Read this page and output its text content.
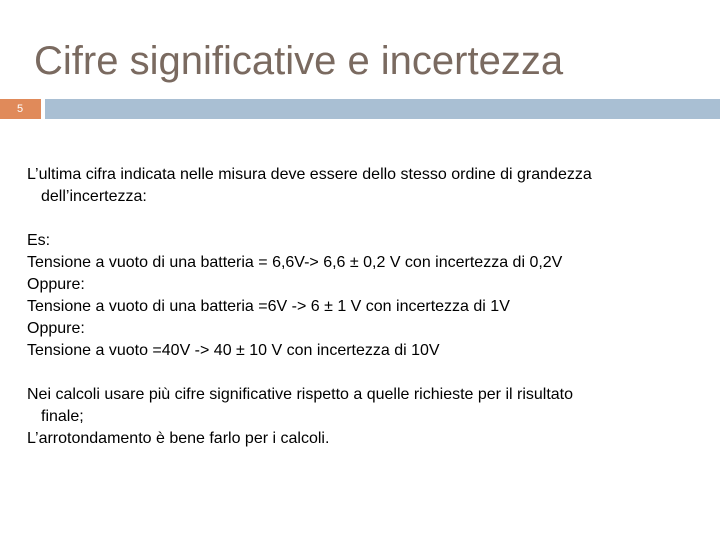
Cifre significative e incertezza
5

L’ultima cifra indicata nelle misura deve essere dello stesso ordine di grandezza
dell’incertezza:

Es:
Tensione a vuoto di una batteria = 6,6V-> 6,6 ± 0,2 V con incertezza di 0,2V
Oppure:
Tensione a vuoto di una batteria =6V -> 6 ± 1 V con incertezza di 1V
Oppure:
Tensione a vuoto =40V -> 40 ± 10 V con incertezza di 10V

Nei calcoli usare più cifre significative rispetto a quelle richieste per il risultato
finale;

L’arrotondamento è bene farlo per i calcoli.
